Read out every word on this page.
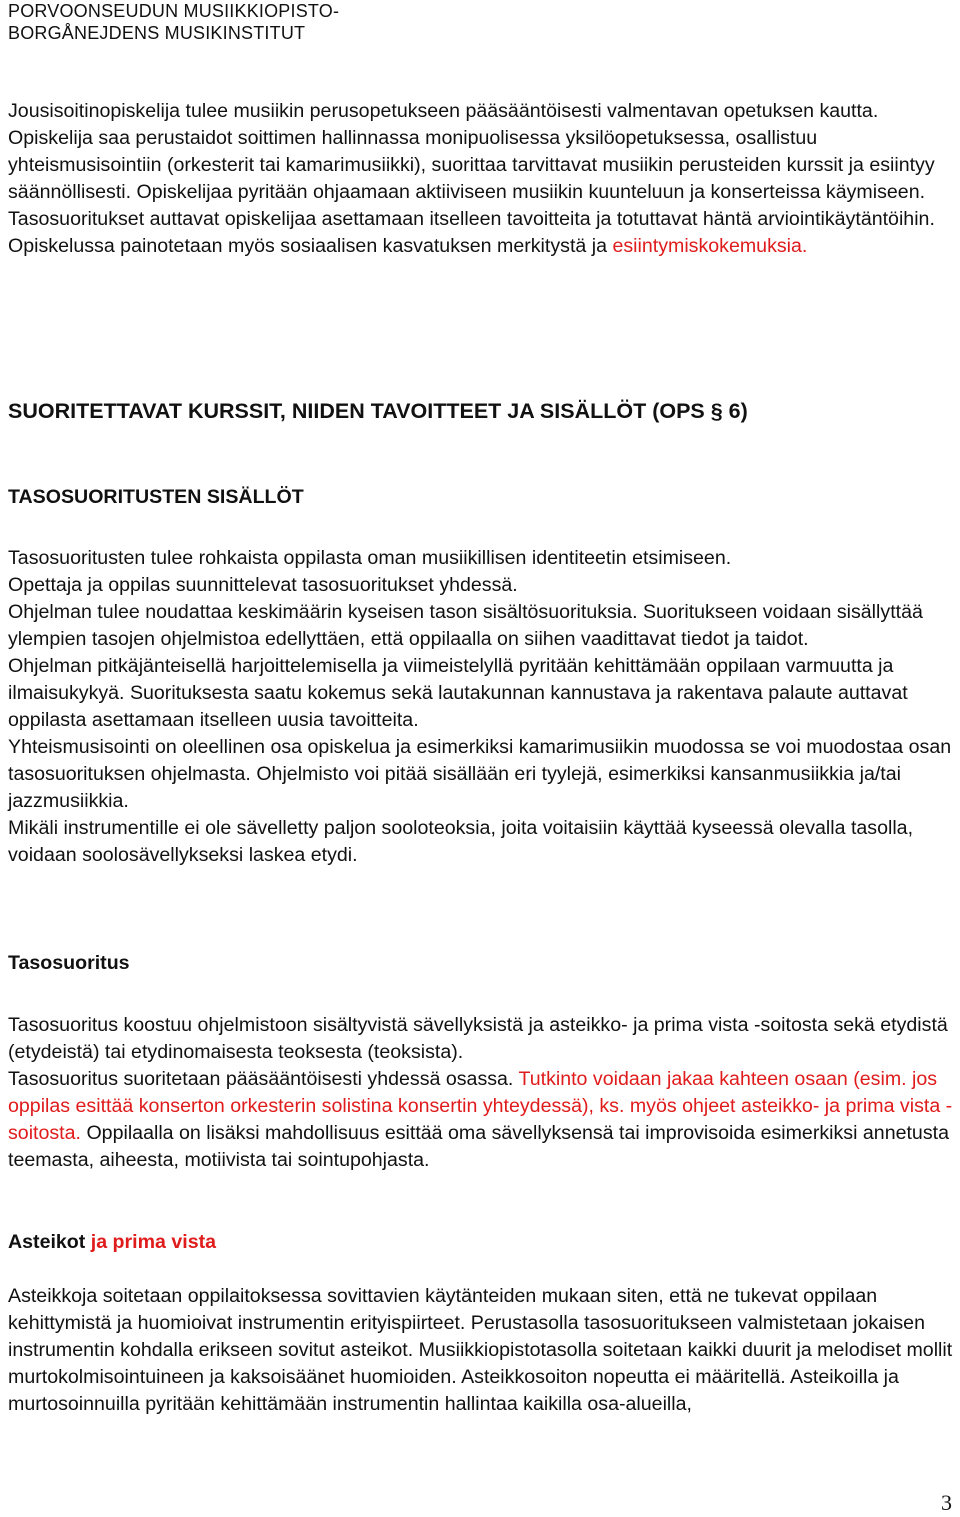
PORVOONSEUDUN MUSIIKKIOPISTO-
BORGÅNEJDENS MUSIKINSTITUT

Jousisoitinopiskelija tulee musiikin perusopetukseen pääsääntöisesti valmentavan opetuksen kautta. Opiskelija saa perustaidot soittimen hallinnassa monipuolisessa yksilöopetuksessa, osallistuu yhteismusisointiin (orkesterit tai kamarimusiikki), suorittaa tarvittavat musiikin perusteiden kurssit ja esiintyy säännöllisesti. Opiskelijaa pyritään ohjaamaan aktiiviseen musiikin kuunteluun ja konserteissa käymiseen. Tasosuoritukset auttavat opiskelijaa asettamaan itselleen tavoitteita ja totuttavat häntä arviointikäytäntöihin. Opiskelussa painotetaan myös sosiaalisen kasvatuksen merkitystä ja esiintymiskokemuksia.

SUORITETTAVAT KURSSIT, NIIDEN TAVOITTEET JA SISÄLLÖT (OPS § 6)
TASOSUORITUSTEN SISÄLLÖT

Tasosuoritusten tulee rohkaista oppilasta oman musiikillisen identiteetin etsimiseen.

Opettaja ja oppilas suunnittelevat tasosuoritukset yhdessä.

Ohjelman tulee noudattaa keskimäärin kyseisen tason sisältösuorituksia. Suoritukseen voidaan sisällyttää ylempien tasojen ohjelmistoa edellyttäen, että oppilaalla on siihen vaadittavat tiedot ja taidot.

Ohjelman pitkäjänteisellä harjoittelemisella ja viimeistelyllä pyritään kehittämään oppilaan varmuutta ja ilmaisukykyä. Suorituksesta saatu kokemus sekä lautakunnan kannustava ja rakentava palaute auttavat oppilasta asettamaan itselleen uusia tavoitteita.

Yhteismusisointi on oleellinen osa opiskelua ja esimerkiksi kamarimusiikin muodossa se voi muodostaa osan tasosuorituksen ohjelmasta. Ohjelmisto voi pitää sisällään eri tyylejä, esimerkiksi kansanmusiikkia ja/tai jazzmusiikkia.

Mikäli instrumentille ei ole sävelletty paljon sooloteoksia, joita voitaisiin käyttää kyseessä olevalla tasolla, voidaan soolosävellykseksi laskea etydi.

Tasosuoritus

Tasosuoritus koostuu ohjelmistoon sisältyvistä sävellyksistä ja asteikko- ja prima vista -soitosta sekä etydistä (etydeistä) tai etydinomaisesta teoksesta (teoksista).

Tasosuoritus suoritetaan pääsääntöisesti yhdessä osassa. Tutkinto voidaan jakaa kahteen osaan (esim. jos oppilas esittää konserton orkesterin solistina konsertin yhteydessä), ks. myös ohjeet asteikko- ja prima vista -soitosta. Oppilaalla on lisäksi mahdollisuus esittää oma sävellyksensä tai improvisoida esimerkiksi annetusta teemasta, aiheesta, motiivista tai sointupohjasta.

Asteikot ja prima vista

Asteikkoja soitetaan oppilaitoksessa sovittavien käytänteiden mukaan siten, että ne tukevat oppilaan kehittymistä ja huomioivat instrumentin erityispiirteet. Perustasolla tasosuoritukseen valmistetaan jokaisen instrumentin kohdalla erikseen sovitut asteikot. Musiikkiopistotasolla soitetaan kaikki duurit ja melodiset mollit murtokolmisointuineen ja kaksoisäänet huomioiden. Asteikkosoiton nopeutta ei määritellä. Asteikoilla ja murtosoinnuilla pyritään kehittämään instrumentin hallintaa kaikilla osa-alueilla,

3
